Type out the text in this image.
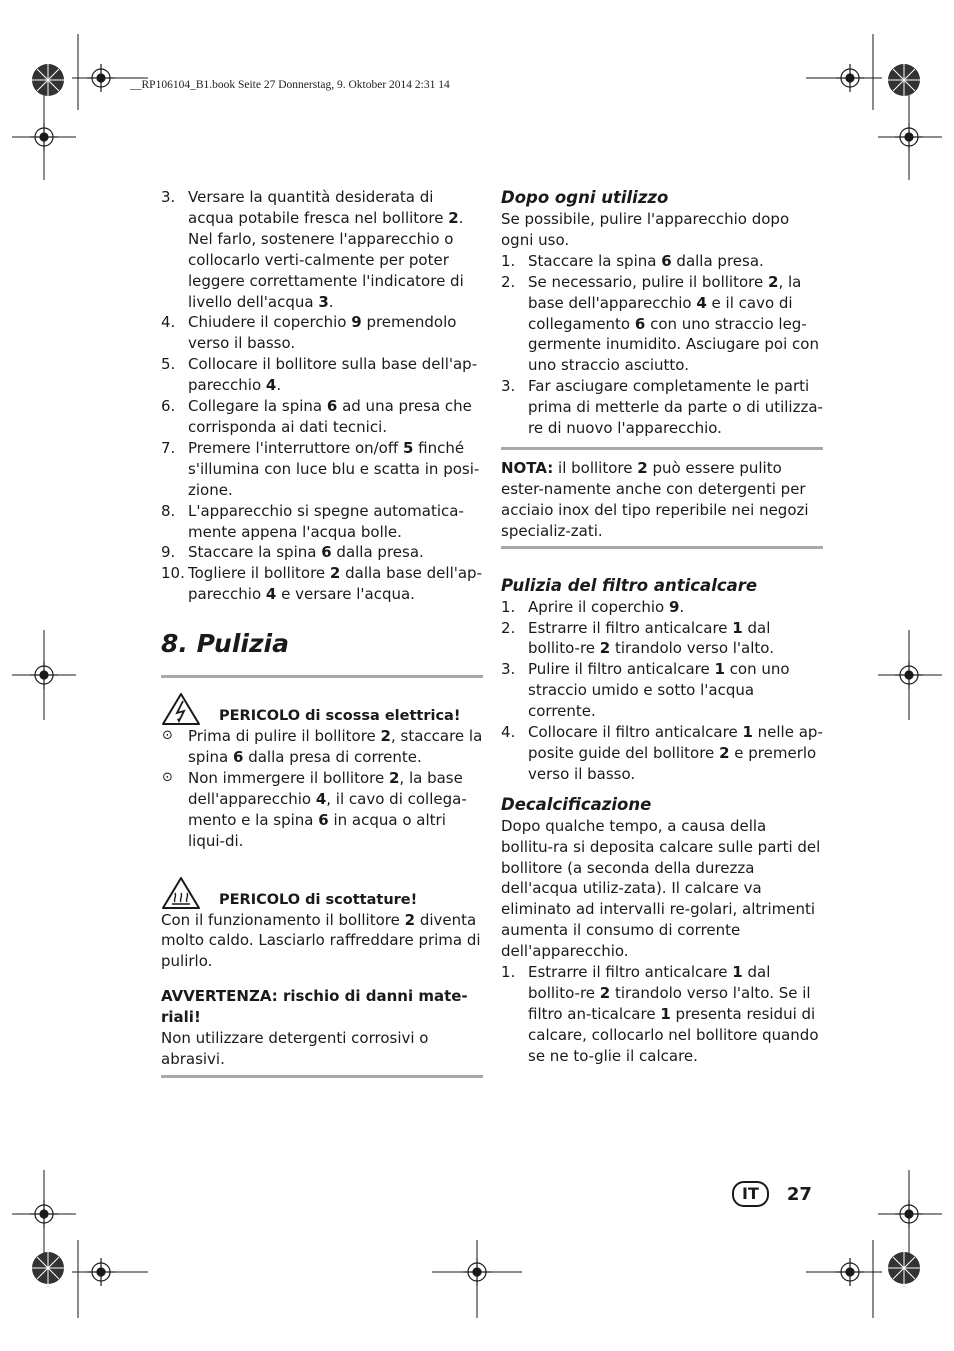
__RP106104_B1.book Seite 27 Donnerstag, 9. Oktober 2014 2:31 14
3. Versare la quantità desiderata di acqua potabile fresca nel bollitore 2. Nel farlo, sostenere l'apparecchio o collocarlo verti-calmente per poter leggere correttamente l'indicatore di livello dell'acqua 3.
4. Chiudere il coperchio 9 premendolo verso il basso.
5. Collocare il bollitore sulla base dell'ap-parecchio 4.
6. Collegare la spina 6 ad una presa che corrisponda ai dati tecnici.
7. Premere l'interruttore on/off 5 finché s'illumina con luce blu e scatta in posi-zione.
8. L'apparecchio si spegne automatica-mente appena l'acqua bolle.
9. Staccare la spina 6 dalla presa.
10. Togliere il bollitore 2 dalla base dell'ap-parecchio 4 e versare l'acqua.
8. Pulizia
PERICOLO di scossa elettrica!
⊙ Prima di pulire il bollitore 2, staccare la spina 6 dalla presa di corrente.
⊙ Non immergere il bollitore 2, la base dell'apparecchio 4, il cavo di collega-mento e la spina 6 in acqua o altri liqui-di.
PERICOLO di scottature!

Con il funzionamento il bollitore 2 diventa molto caldo. Lasciarlo raffreddare prima di pulirlo.

AVVERTENZA: rischio di danni mate-riali!

Non utilizzare detergenti corrosivi o abrasivi.

Dopo ogni utilizzo

Se possibile, pulire l'apparecchio dopo ogni uso.

1. Staccare la spina 6 dalla presa.
2. Se necessario, pulire il bollitore 2, la base dell'apparecchio 4 e il cavo di collegamento 6 con uno straccio leg-germente inumidito. Asciugare poi con uno straccio asciutto.
3. Far asciugare completamente le parti prima di metterle da parte o di utilizza-re di nuovo l'apparecchio.

NOTA: il bollitore 2 può essere pulito ester-namente anche con detergenti per acciaio inox del tipo reperibile nei negozi specializ-zati.

Pulizia del filtro anticalcare
1. Aprire il coperchio 9.
2. Estrarre il filtro anticalcare 1 dal bollito-re 2 tirandolo verso l'alto.
3. Pulire il filtro anticalcare 1 con uno straccio umido e sotto l'acqua corrente.
4. Collocare il filtro anticalcare 1 nelle ap-posite guide del bollitore 2 e premerlo verso il basso.
Decalcificazione

Dopo qualche tempo, a causa della bollitu-ra si deposita calcare sulle parti del bollitore (a seconda della durezza dell'acqua utiliz-zata). Il calcare va eliminato ad intervalli re-golari, altrimenti aumenta il consumo di corrente dell'apparecchio.

1. Estrarre il filtro anticalcare 1 dal bollito-re 2 tirandolo verso l'alto. Se il filtro an-ticalcare 1 presenta residui di calcare, collocarlo nel bollitore quando se ne to-glie il calcare.
IT	27
